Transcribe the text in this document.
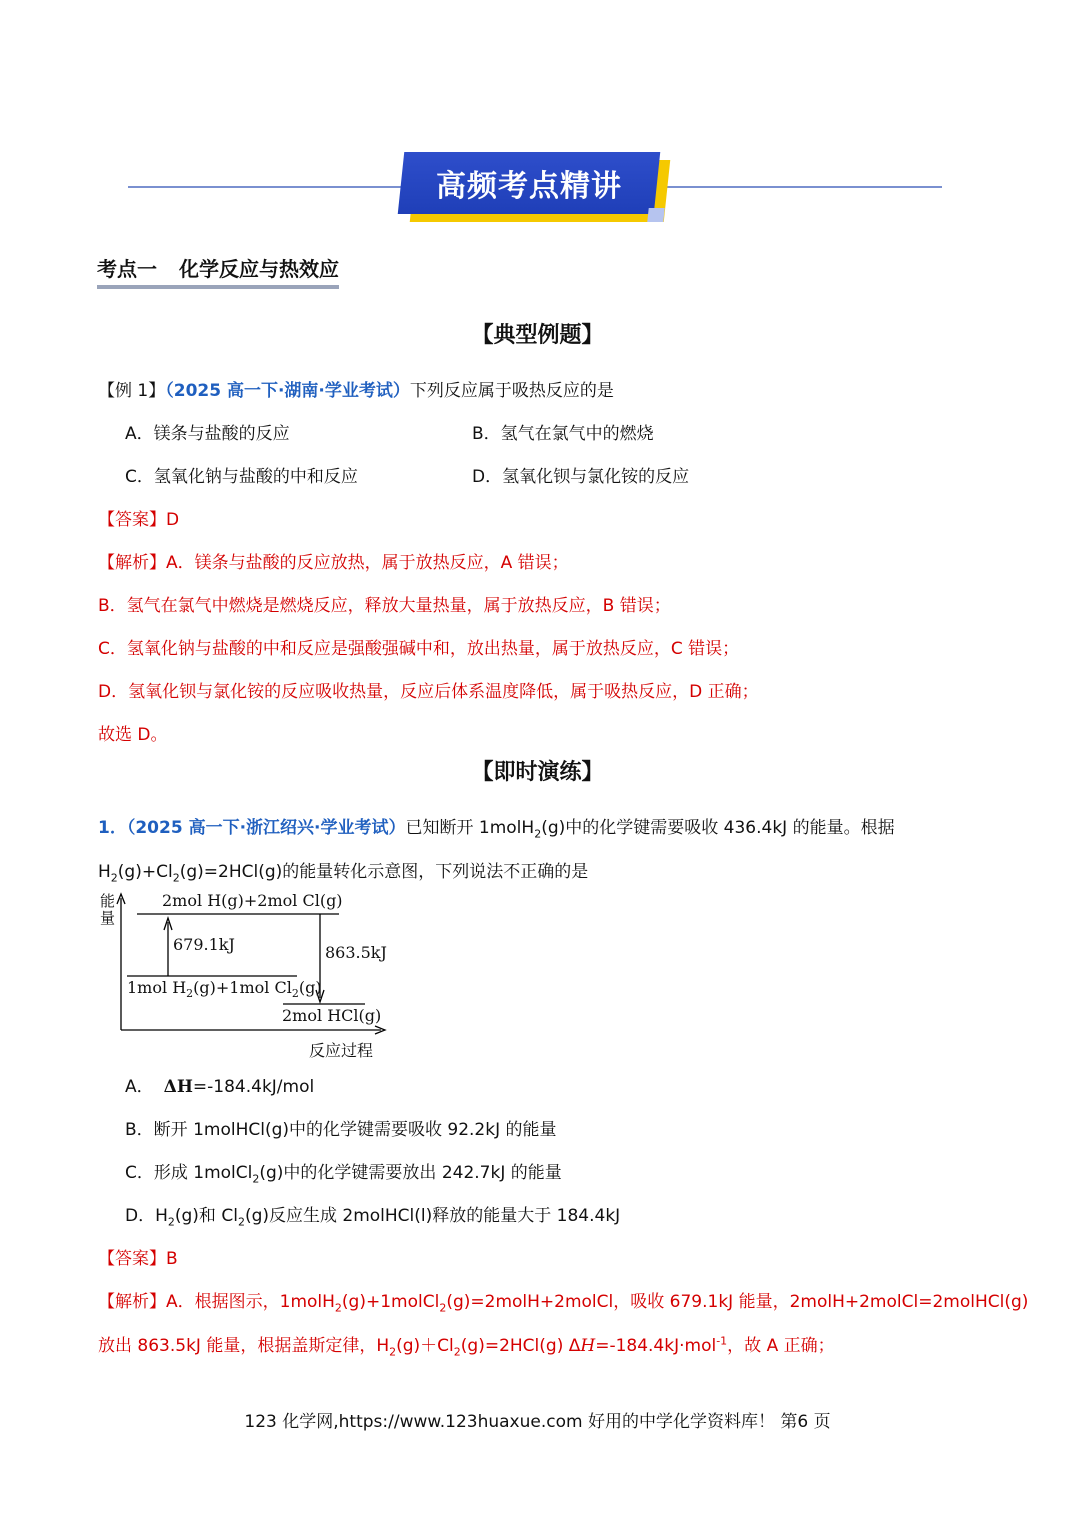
高频考点精讲
考点一 化学反应与热效应
【典型例题】
【例 1】（2025 高一下·湖南·学业考试）下列反应属于吸热反应的是
A．镁条与盐酸的反应	B．氢气在氯气中的燃烧
C．氢氧化钠与盐酸的中和反应	D．氢氧化钡与氯化铵的反应
【答案】D
【解析】A．镁条与盐酸的反应放热，属于放热反应，A 错误；
B．氢气在氯气中燃烧是燃烧反应，释放大量热量，属于放热反应，B 错误；
C．氢氧化钠与盐酸的中和反应是强酸强碱中和，放出热量，属于放热反应，C 错误；
D．氢氧化钡与氯化铵的反应吸收热量，反应后体系温度降低，属于吸热反应，D 正确；
故选 D。
【即时演练】
1．（2025 高一下·浙江绍兴·学业考试）已知断开 1molH$_2$(g)中的化学键需要吸收 436.4kJ 的能量。根据
$H_2(g)+Cl_2(g)=2HCl(g)$的能量转化示意图，下列说法不正确的是
能
量
2mol H(g)+2mol Cl(g)
679.1kJ	863.5kJ
1mol $H_2(g)+1mol$ $Cl_2(g)$
2mol HCl(g)
反应过程
A． ΔH=-184.4kJ/mol
B．断开 1molHCl(g)中的化学键需要吸收 92.2kJ 的能量
C．形成 1molCl$_2$(g)中的化学键需要放出 242.7kJ 的能量
D．$H_2(g)$和 $Cl_2(g)$反应生成 2molHCl(l)释放的能量大于 184.4kJ
【答案】B
【解析】A．根据图示，1molH$_2$(g)+1molCl$_2$(g)=2molH+2molCl，吸收 679.1kJ 能量，2molH+2molCl=2molHCl(g)
放出 863.5kJ 能量，根据盖斯定律，$H_2(g)+Cl_2(g)=2HCl(g)$ ΔH=-184.4kJ·mol$^{-1}$，故 A 正确；
123 化学网,https://www.123huaxue.com 好用的中学化学资料库！ 第6 页
